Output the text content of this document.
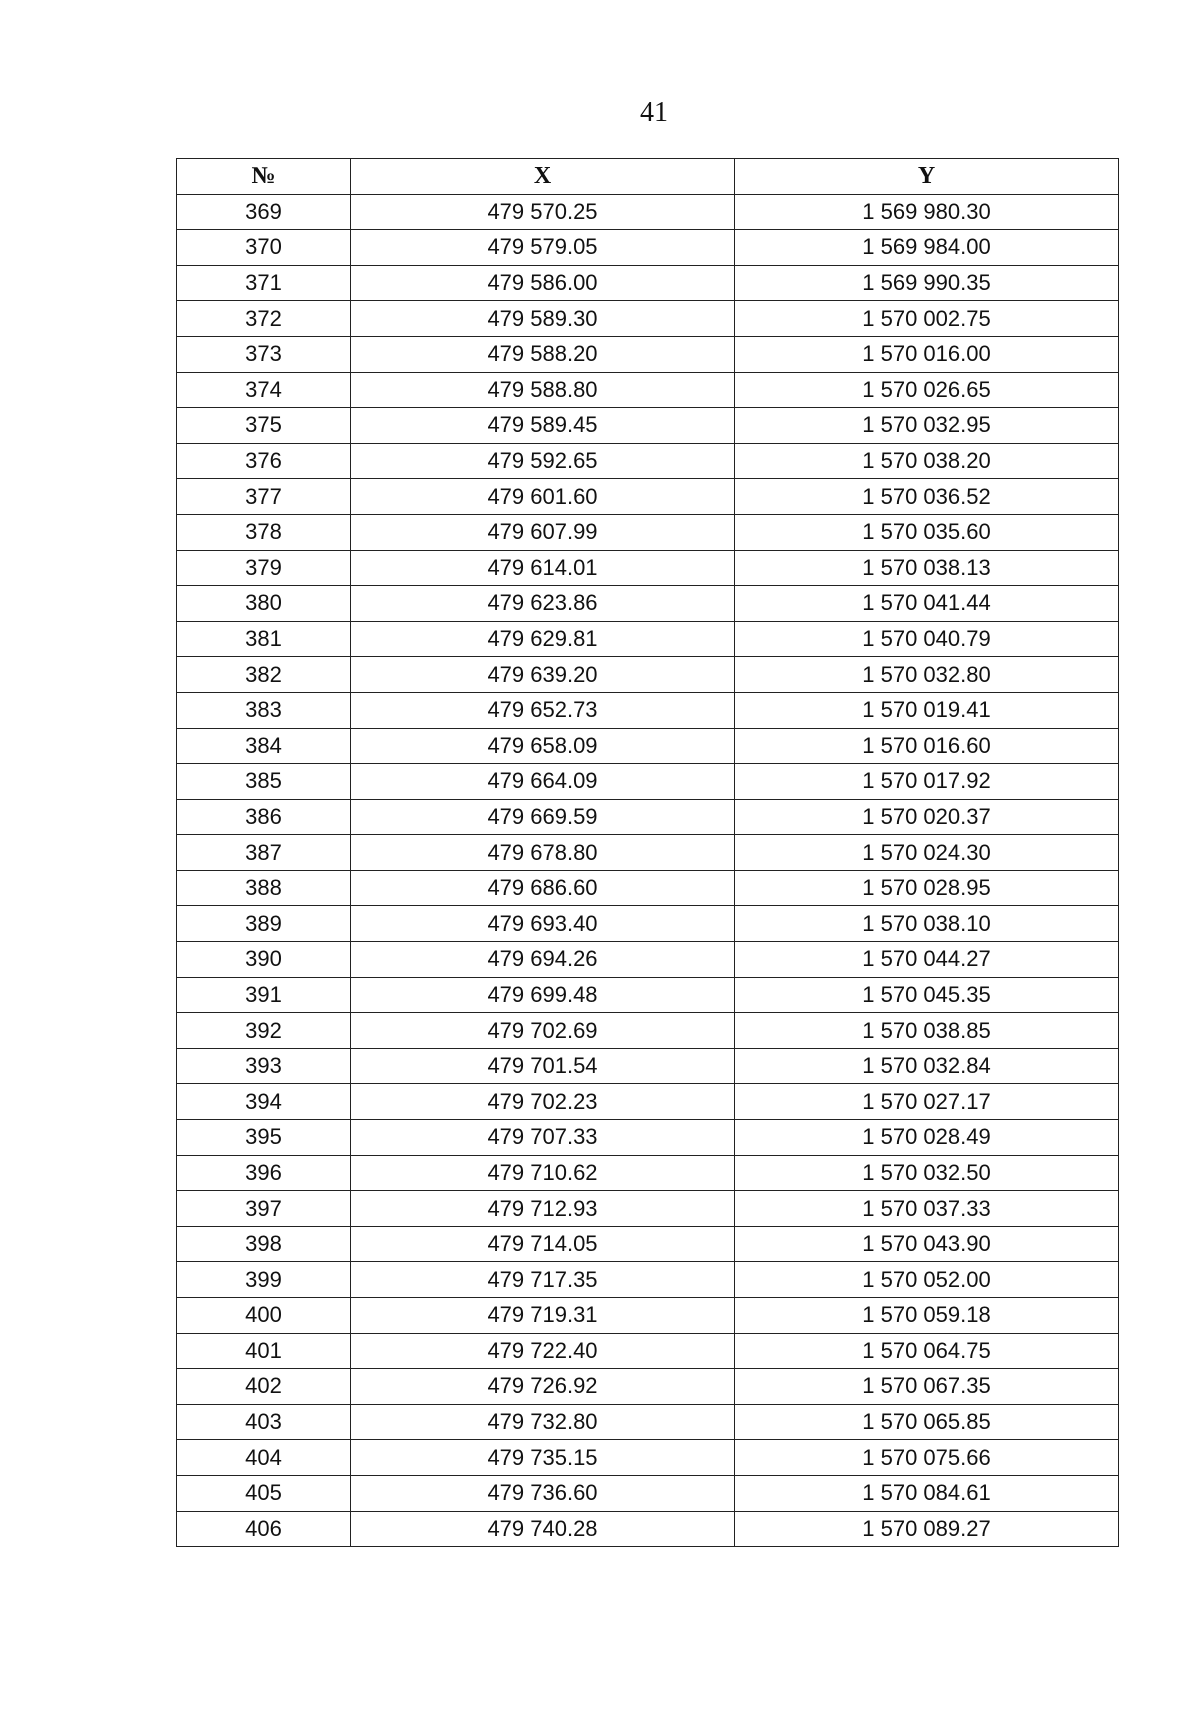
41
№	X	Y
369	479 570.25	1 569 980.30
370	479 579.05	1 569 984.00
371	479 586.00	1 569 990.35
372	479 589.30	1 570 002.75
373	479 588.20	1 570 016.00
374	479 588.80	1 570 026.65
375	479 589.45	1 570 032.95
376	479 592.65	1 570 038.20
377	479 601.60	1 570 036.52
378	479 607.99	1 570 035.60
379	479 614.01	1 570 038.13
380	479 623.86	1 570 041.44
381	479 629.81	1 570 040.79
382	479 639.20	1 570 032.80
383	479 652.73	1 570 019.41
384	479 658.09	1 570 016.60
385	479 664.09	1 570 017.92
386	479 669.59	1 570 020.37
387	479 678.80	1 570 024.30
388	479 686.60	1 570 028.95
389	479 693.40	1 570 038.10
390	479 694.26	1 570 044.27
391	479 699.48	1 570 045.35
392	479 702.69	1 570 038.85
393	479 701.54	1 570 032.84
394	479 702.23	1 570 027.17
395	479 707.33	1 570 028.49
396	479 710.62	1 570 032.50
397	479 712.93	1 570 037.33
398	479 714.05	1 570 043.90
399	479 717.35	1 570 052.00
400	479 719.31	1 570 059.18
401	479 722.40	1 570 064.75
402	479 726.92	1 570 067.35
403	479 732.80	1 570 065.85
404	479 735.15	1 570 075.66
405	479 736.60	1 570 084.61
406	479 740.28	1 570 089.27
